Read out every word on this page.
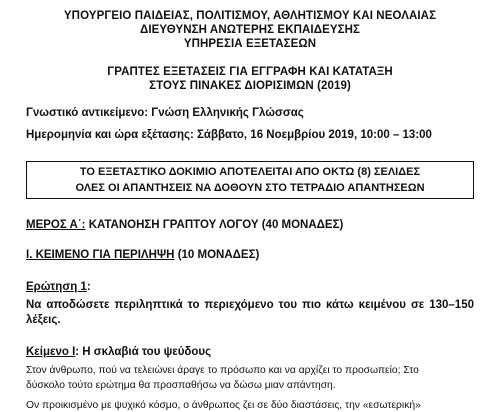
ΥΠΟΥΡΓΕΙΟ ΠΑΙΔΕΙΑΣ, ΠΟΛΙΤΙΣΜΟΥ, ΑΘΛΗΤΙΣΜΟΥ ΚΑΙ ΝΕΟΛΑΙΑΣ
ΔΙΕΥΘΥΝΣΗ ΑΝΩΤΕΡΗΣ ΕΚΠΑΙΔΕΥΣΗΣ
ΥΠΗΡΕΣΙΑ ΕΞΕΤΑΣΕΩΝ
ΓΡΑΠΤΕΣ ΕΞΕΤΑΣΕΙΣ ΓΙΑ ΕΓΓΡΑΦΗ ΚΑΙ ΚΑΤΑΤΑΞΗ
ΣΤΟΥΣ ΠΙΝΑΚΕΣ ΔΙΟΡΙΣΙΜΩΝ (2019)
Γνωστικό αντικείμενο: Γνώση Ελληνικής Γλώσσας
Ημερομηνία και ώρα εξέτασης: Σάββατο, 16 Νοεμβρίου 2019, 10:00 – 13:00
ΤΟ ΕΞΕΤΑΣΤΙΚΟ ΔΟΚΙΜΙΟ ΑΠΟΤΕΛΕΙΤΑΙ ΑΠΟ ΟΚΤΩ (8) ΣΕΛΙΔΕΣ
ΟΛΕΣ ΟΙ ΑΠΑΝΤΗΣΕΙΣ ΝΑ ΔΟΘΟΥΝ ΣΤΟ ΤΕΤΡΑΔΙΟ ΑΠΑΝΤΗΣΕΩΝ
ΜΕΡΟΣ Α΄: ΚΑΤΑΝΟΗΣΗ ΓΡΑΠΤΟΥ ΛΟΓΟΥ (40 ΜΟΝΑΔΕΣ)
Ι. ΚΕΙΜΕΝΟ ΓΙΑ ΠΕΡΙΛΗΨΗ (10 ΜΟΝΑΔΕΣ)
Ερώτηση 1:
Να αποδώσετε περιληπτικά το περιεχόμενο του πιο κάτω κειμένου σε 130–150
λέξεις.
Κείμενο Ι: Η σκλαβιά του ψεύδους
Στον άνθρωπο, πού να τελειώνει άραγε το πρόσωπο και να αρχίζει το προσωπείο; Στο
δύσκολο τούτο ερώτημα θα προσπαθήσω να δώσω μιαν απάντηση.
Ον προικισμένο με ψυχικό κόσμο, ο άνθρωπος ζει σε δύο διαστάσεις, την «εσωτερική»
